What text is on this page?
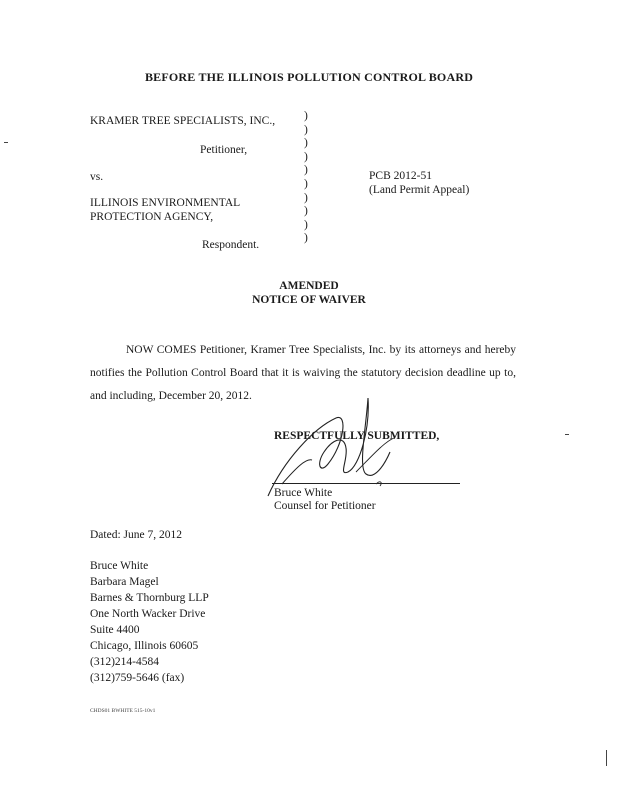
BEFORE THE ILLINOIS POLLUTION CONTROL BOARD
KRAMER TREE SPECIALISTS, INC.,
Petitioner,
vs.
ILLINOIS ENVIRONMENTAL
PROTECTION AGENCY,
Respondent.
)
)
)
)
)
)
)
)
)
)
PCB 2012-51
(Land Permit Appeal)
AMENDED
NOTICE OF WAIVER
NOW COMES Petitioner, Kramer Tree Specialists, Inc. by its attorneys and hereby notifies the Pollution Control Board that it is waiving the statutory decision deadline up to, and including, December 20, 2012.
RESPECTFULLY SUBMITTED,
Bruce White
Counsel for Petitioner
Dated: June 7, 2012
Bruce White
Barbara Magel
Barnes & Thornburg LLP
One North Wacker Drive
Suite 4400
Chicago, Illinois 60605
(312)214-4584
(312)759-5646 (fax)
CHDS01 BWHITE 515-10v1
